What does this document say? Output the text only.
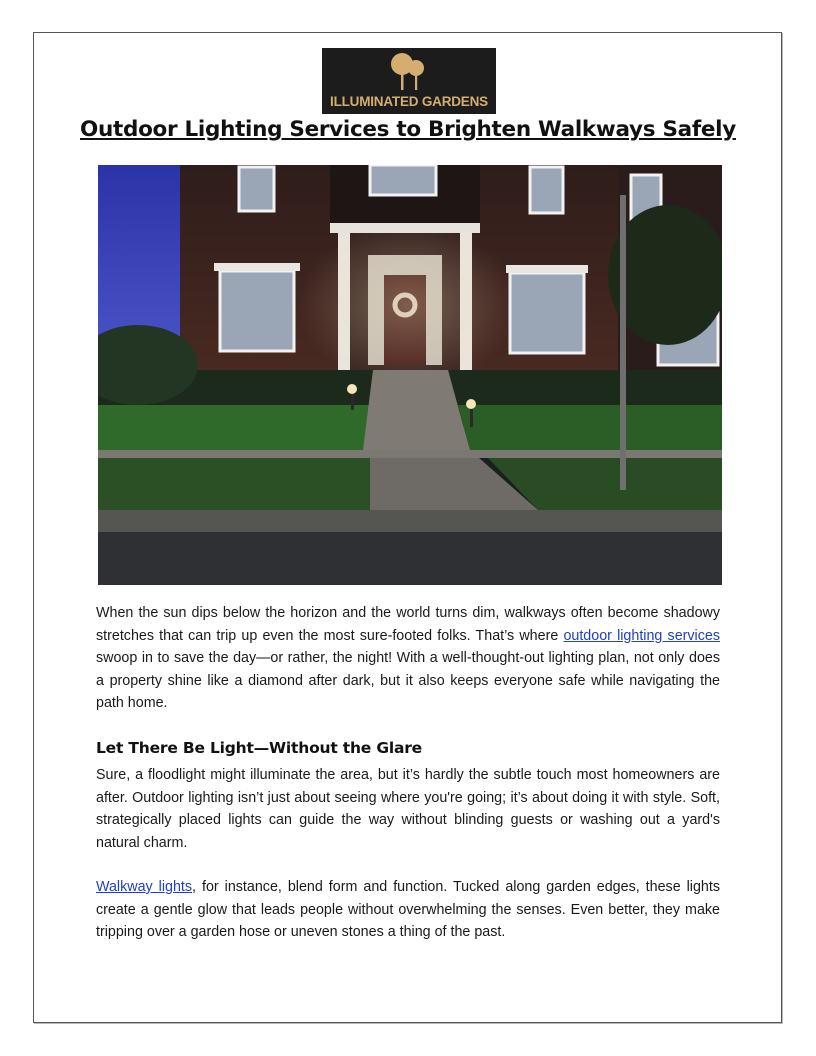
ILLUMINATED GARDENS
Outdoor Lighting Services to Brighten Walkways Safely

When the sun dips below the horizon and the world turns dim, walkways often become shadowy stretches that can trip up even the most sure-footed folks. That’s where outdoor lighting services swoop in to save the day—or rather, the night! With a well-thought-out lighting plan, not only does a property shine like a diamond after dark, but it also keeps everyone safe while navigating the path home.

Let There Be Light—Without the Glare

Sure, a floodlight might illuminate the area, but it’s hardly the subtle touch most homeowners are after. Outdoor lighting isn’t just about seeing where you're going; it’s about doing it with style. Soft, strategically placed lights can guide the way without blinding guests or washing out a yard's natural charm.

Walkway lights, for instance, blend form and function. Tucked along garden edges, these lights create a gentle glow that leads people without overwhelming the senses. Even better, they make tripping over a garden hose or uneven stones a thing of the past.
